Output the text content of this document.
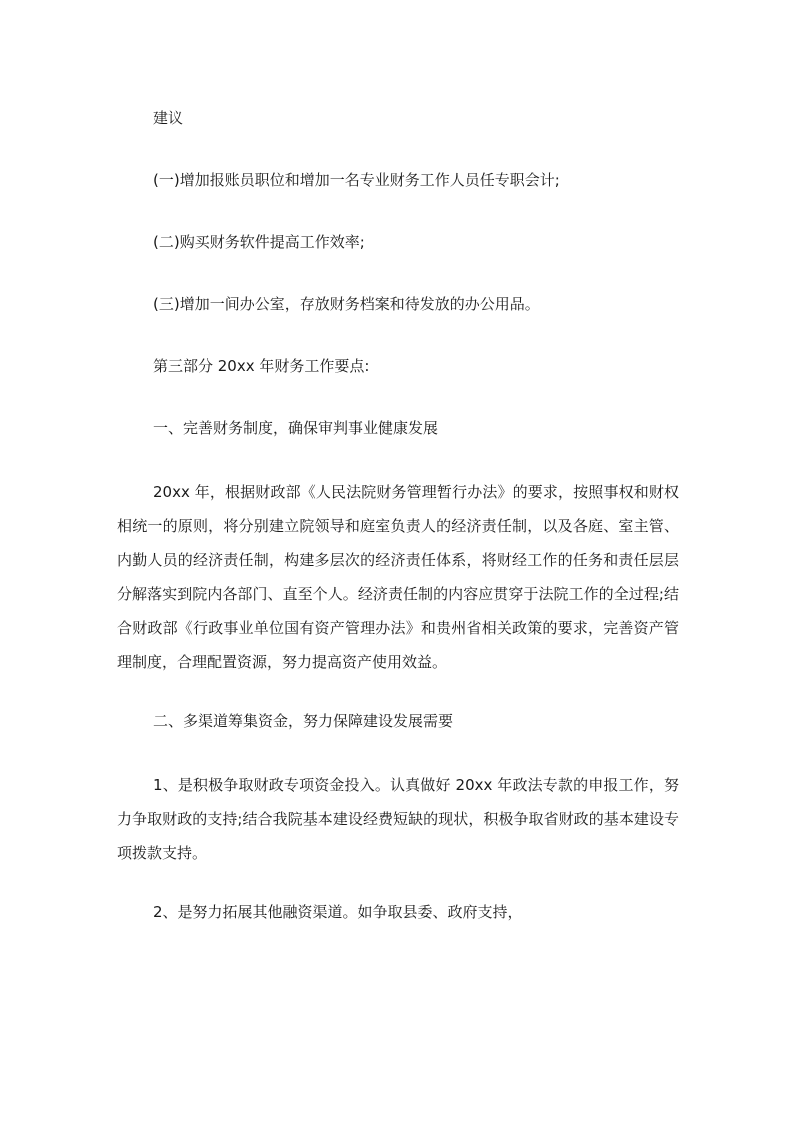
建议

(一)增加报账员职位和增加一名专业财务工作人员任专职会计;

(二)购买财务软件提高工作效率;

(三)增加一间办公室，存放财务档案和待发放的办公用品。

第三部分 20xx 年财务工作要点:

一、完善财务制度，确保审判事业健康发展

20xx 年，根据财政部《人民法院财务管理暂行办法》的要求，按照事权和财权相统一的原则，将分别建立院领导和庭室负责人的经济责任制，以及各庭、室主管、内勤人员的经济责任制，构建多层次的经济责任体系，将财经工作的任务和责任层层分解落实到院内各部门、直至个人。经济责任制的内容应贯穿于法院工作的全过程;结合财政部《行政事业单位国有资产管理办法》和贵州省相关政策的要求，完善资产管理制度，合理配置资源，努力提高资产使用效益。

二、多渠道筹集资金，努力保障建设发展需要

1、是积极争取财政专项资金投入。认真做好 20xx 年政法专款的申报工作，努力争取财政的支持;结合我院基本建设经费短缺的现状，积极争取省财政的基本建设专项拨款支持。

2、是努力拓展其他融资渠道。如争取县委、政府支持，
